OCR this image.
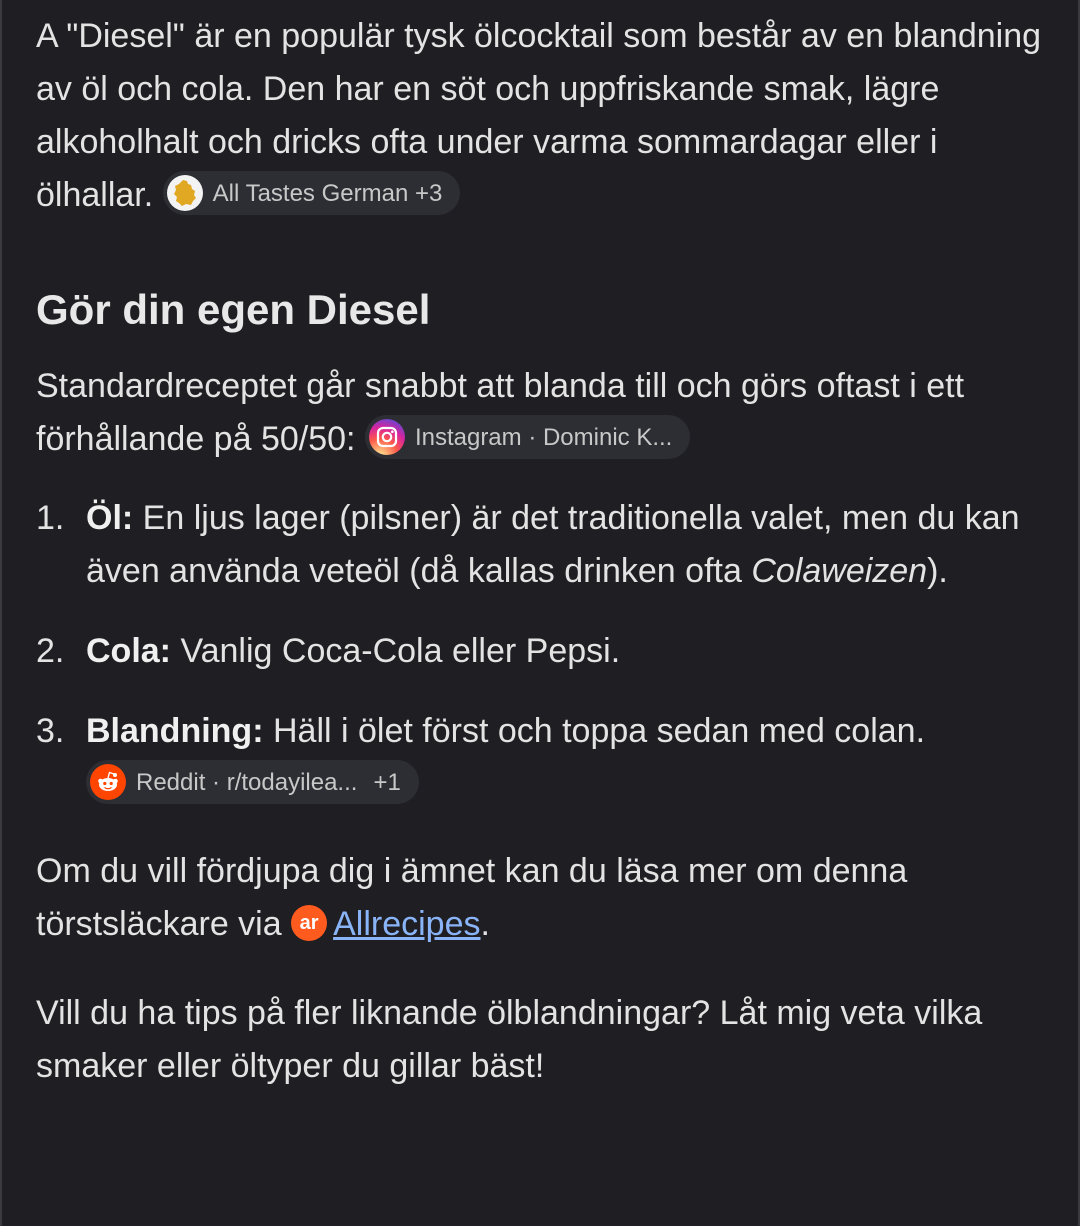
A "Diesel" är en populär tysk ölcocktail som består av en blandning av öl och cola. Den har en söt och uppfriskande smak, lägre alkoholhalt och dricks ofta under varma sommardagar eller i ölhallar. All Tastes German +3

Gör din egen Diesel

Standardreceptet går snabbt att blanda till och görs oftast i ett förhållande på 50/50: Instagram · Dominic K...

1. Öl: En ljus lager (pilsner) är det traditionella valet, men du kan även använda veteöl (då kallas drinken ofta Colaweizen).
2. Cola: Vanlig Coca-Cola eller Pepsi.
3. Blandning: Häll i ölet först och toppa sedan med colan.
Reddit · r/todayilea... +1

Om du vill fördjupa dig i ämnet kan du läsa mer om denna törstsläckare via ar Allrecipes.

Vill du ha tips på fler liknande ölblandningar? Låt mig veta vilka smaker eller öltyper du gillar bäst!
